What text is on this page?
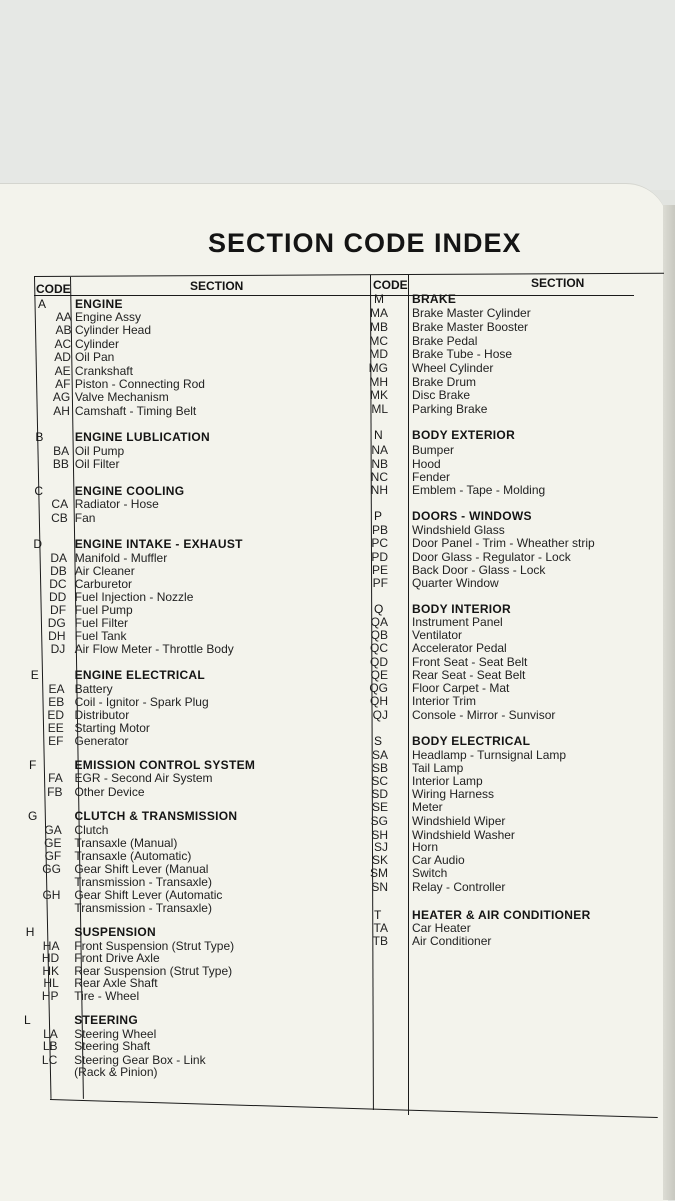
SECTION CODE INDEX
CODE	SECTION	CODE	SECTION
A	ENGINE
AA Engine Assy
AB Cylinder Head
AC Cylinder
AD Oil Pan
AE Crankshaft
AF Piston - Connecting Rod
AG Valve Mechanism
AH Camshaft - Timing Belt
B	ENGINE LUBLICATION
BA Oil Pump
BB Oil Filter
C	ENGINE COOLING
CA Radiator - Hose
CB Fan
D	ENGINE INTAKE - EXHAUST
DA Manifold - Muffler
DB Air Cleaner
DC Carburetor
DD Fuel Injection - Nozzle
DF Fuel Pump
DG Fuel Filter
DH Fuel Tank
DJ Air Flow Meter - Throttle Body
E	ENGINE ELECTRICAL
EA Battery
EB Coil - Ignitor - Spark Plug
ED Distributor
EE Starting Motor
EF Generator
F	EMISSION CONTROL SYSTEM
FA EGR - Second Air System
FB Other Device
G	CLUTCH & TRANSMISSION
GA Clutch
GE Transaxle (Manual)
GF Transaxle (Automatic)
GG Gear Shift Lever (Manual
Transmission - Transaxle)
GH Gear Shift Lever (Automatic
Transmission - Transaxle)
H	SUSPENSION
HA Front Suspension (Strut Type)
HD Front Drive Axle
HK Rear Suspension (Strut Type)
HL Rear Axle Shaft
HP Tire - Wheel
L	STEERING
LA Steering Wheel
LB Steering Shaft
LC Steering Gear Box - Link
(Rack & Pinion)
M	BRAKE
MA Brake Master Cylinder
MB Brake Master Booster
MC Brake Pedal
MD Brake Tube - Hose
MG Wheel Cylinder
MH Brake Drum
MK Disc Brake
ML Parking Brake
N	BODY EXTERIOR
NA Bumper
NB Hood
NC Fender
NH Emblem - Tape - Molding
P	DOORS - WINDOWS
PB Windshield Glass
PC Door Panel - Trim - Wheather strip
PD Door Glass - Regulator - Lock
PE Back Door - Glass - Lock
PF Quarter Window
Q	BODY INTERIOR
QA Instrument Panel
QB Ventilator
QC Accelerator Pedal
QD Front Seat - Seat Belt
QE Rear Seat - Seat Belt
QG Floor Carpet - Mat
QH Interior Trim
QJ Console - Mirror - Sunvisor
S	BODY ELECTRICAL
SA Headlamp - Turnsignal Lamp
SB Tail Lamp
SC Interior Lamp
SD Wiring Harness
SE Meter
SG Windshield Wiper
SH Windshield Washer
SJ Horn
SK Car Audio
SM Switch
SN Relay - Controller
T	HEATER & AIR CONDITIONER
TA Car Heater
TB Air Conditioner
